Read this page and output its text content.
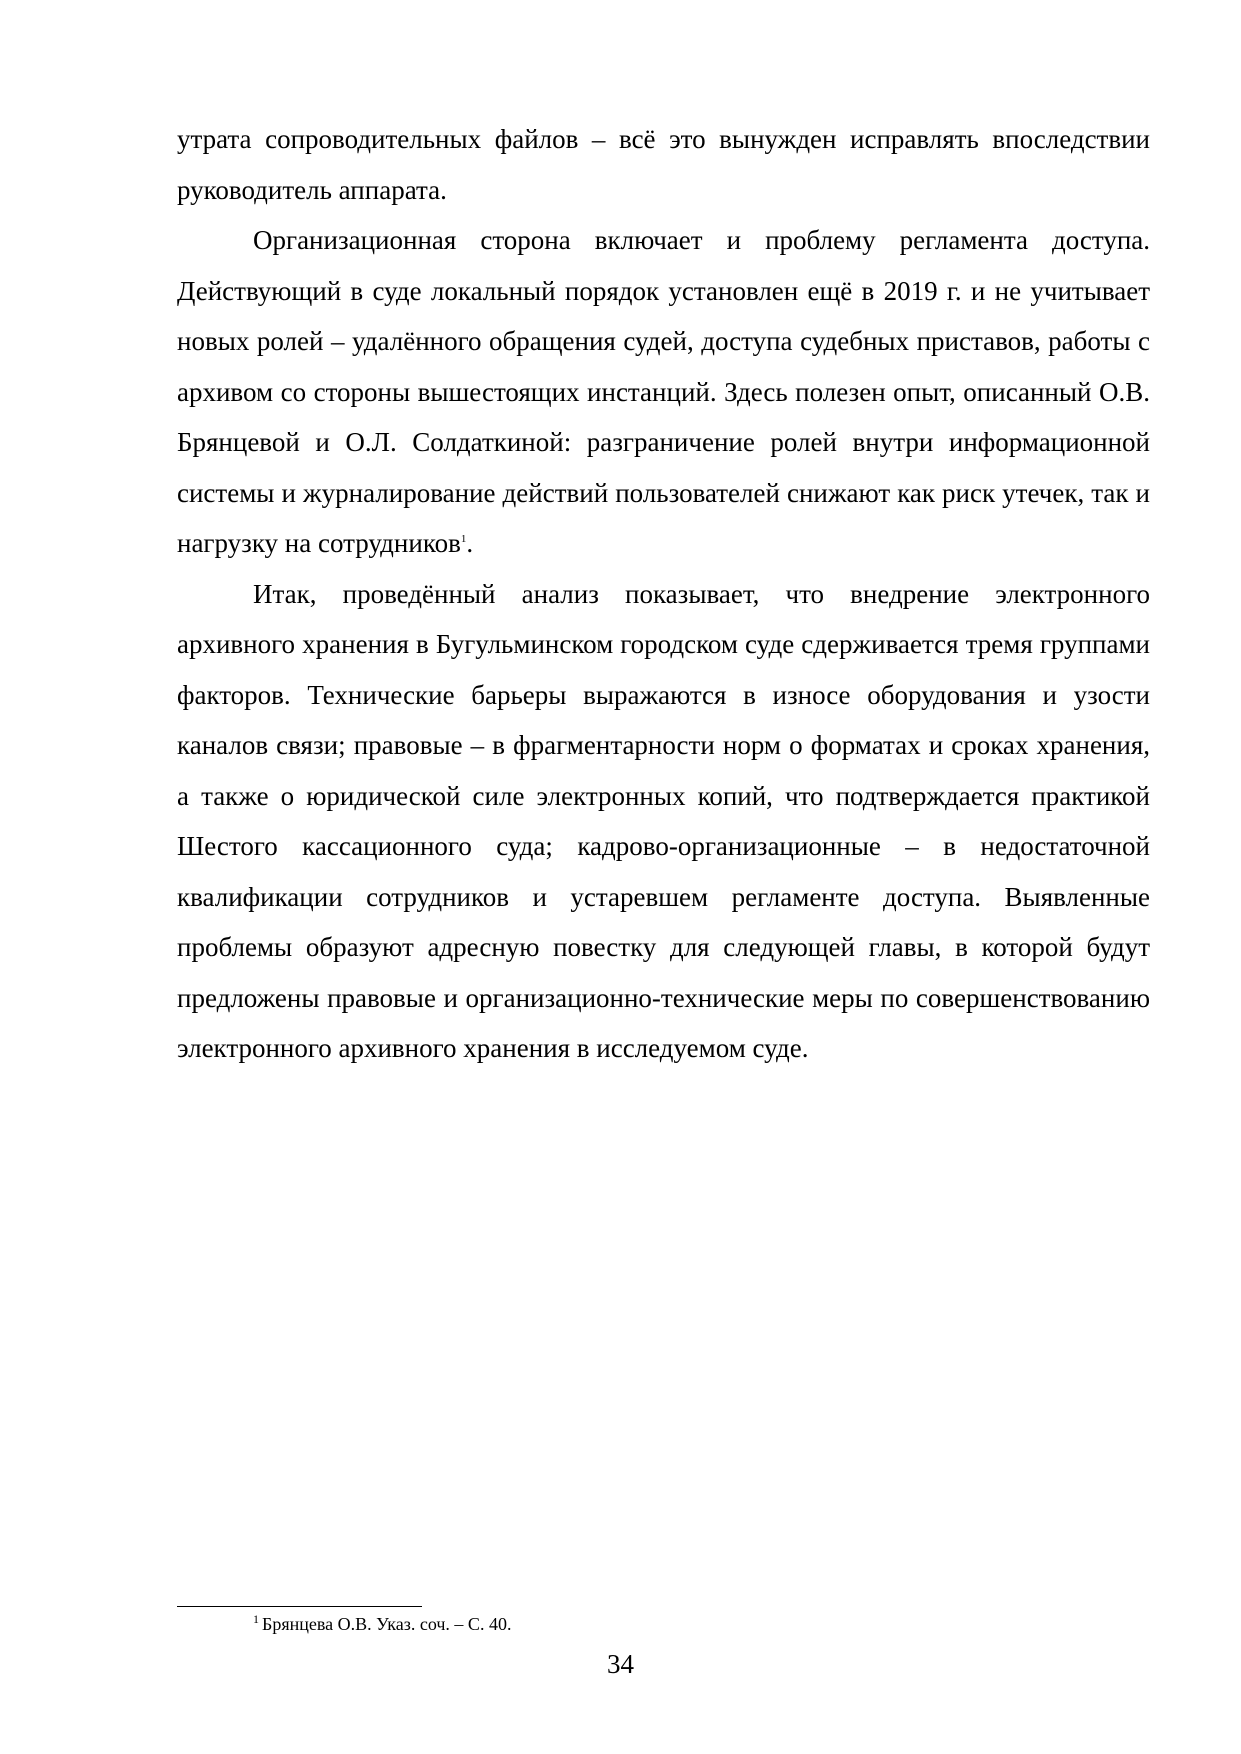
утрата сопроводительных файлов – всё это вынужден исправлять впоследствии руководитель аппарата.

Организационная сторона включает и проблему регламента доступа. Действующий в суде локальный порядок установлен ещё в 2019 г. и не учитывает новых ролей – удалённого обращения судей, доступа судебных приставов, работы с архивом со стороны вышестоящих инстанций. Здесь полезен опыт, описанный О.В. Брянцевой и О.Л. Солдаткиной: разграничение ролей внутри информационной системы и журналирование действий пользователей снижают как риск утечек, так и нагрузку на сотрудников$^1$.

Итак, проведённый анализ показывает, что внедрение электронного архивного хранения в Бугульминском городском суде сдерживается тремя группами факторов. Технические барьеры выражаются в износе оборудования и узости каналов связи; правовые – в фрагментарности норм о форматах и сроках хранения, а также о юридической силе электронных копий, что подтверждается практикой Шестого кассационного суда; кадрово-организационные – в недостаточной квалификации сотрудников и устаревшем регламенте доступа. Выявленные проблемы образуют адресную повестку для следующей главы, в которой будут предложены правовые и организационно-технические меры по совершенствованию электронного архивного хранения в исследуемом суде.

$^1$ Брянцева О.В. Указ. соч. – С. 40.
34
